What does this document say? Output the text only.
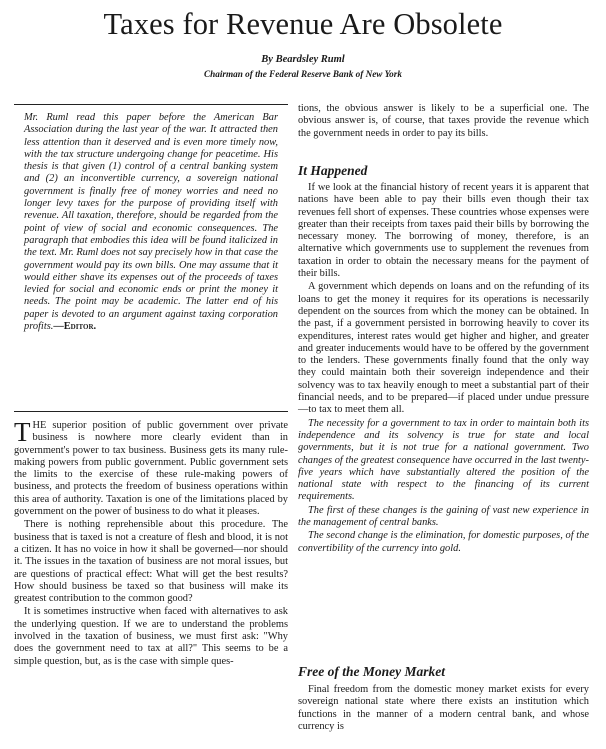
Taxes for Revenue Are Obsolete
By Beardsley Ruml
Chairman of the Federal Reserve Bank of New York
Mr. Ruml read this paper before the American Bar Association during the last year of the war. It attracted then less attention than it deserved and is even more timely now, with the tax structure undergoing change for peacetime. His thesis is that given (1) control of a central banking system and (2) an inconvertible currency, a sovereign national government is finally free of money worries and need no longer levy taxes for the purpose of providing itself with revenue. All taxation, therefore, should be regarded from the point of view of social and economic consequences. The paragraph that embodies this idea will be found italicized in the text. Mr. Ruml does not say precisely how in that case the government would pay its own bills. One may assume that it would either shave its expenses out of the proceeds of taxes levied for social and economic ends or print the money it needs. The point may be academic. The latter end of his paper is devoted to an argument against taxing corporation profits.—Editor.

THE superior position of public government over private business is nowhere more clearly evident than in government's power to tax business. Business gets its many rule-making powers from public government. Public government sets the limits to the exercise of these rule-making powers of business, and protects the freedom of business operations within this area of authority. Taxation is one of the limitations placed by government on the power of business to do what it pleases.

There is nothing reprehensible about this procedure. The business that is taxed is not a creature of flesh and blood, it is not a citizen. It has no voice in how it shall be governed—nor should it. The issues in the taxation of business are not moral issues, but are questions of practical effect: What will get the best results? How should business be taxed so that business will make its greatest contribution to the common good?

It is sometimes instructive when faced with alternatives to ask the underlying question. If we are to understand the problems involved in the taxation of business, we must first ask: "Why does the government need to tax at all?" This seems to be a simple question, but, as is the case with simple ques-

tions, the obvious answer is likely to be a superficial one. The obvious answer is, of course, that taxes provide the revenue which the government needs in order to pay its bills.

It Happened

If we look at the financial history of recent years it is apparent that nations have been able to pay their bills even though their tax revenues fell short of expenses. These countries whose expenses were greater than their receipts from taxes paid their bills by borrowing the necessary money. The borrowing of money, therefore, is an alternative which governments use to supplement the revenues from taxation in order to obtain the necessary means for the payment of their bills.

A government which depends on loans and on the refunding of its loans to get the money it requires for its operations is necessarily dependent on the sources from which the money can be obtained. In the past, if a government persisted in borrowing heavily to cover its expenditures, interest rates would get higher and higher, and greater and greater inducements would have to be offered by the government to the lenders. These governments finally found that the only way they could maintain both their sovereign independence and their solvency was to tax heavily enough to meet a substantial part of their financial needs, and to be prepared—if placed under undue pressure—to tax to meet them all.

The necessity for a government to tax in order to maintain both its independence and its solvency is true for state and local governments, but it is not true for a national government. Two changes of the greatest consequence have occurred in the last twenty-five years which have substantially altered the position of the national state with respect to the financing of its current requirements.

The first of these changes is the gaining of vast new experience in the management of central banks.

The second change is the elimination, for domestic purposes, of the convertibility of the currency into gold.

Free of the Money Market

Final freedom from the domestic money market exists for every sovereign national state where there exists an institution which functions in the manner of a modern central bank, and whose currency is
